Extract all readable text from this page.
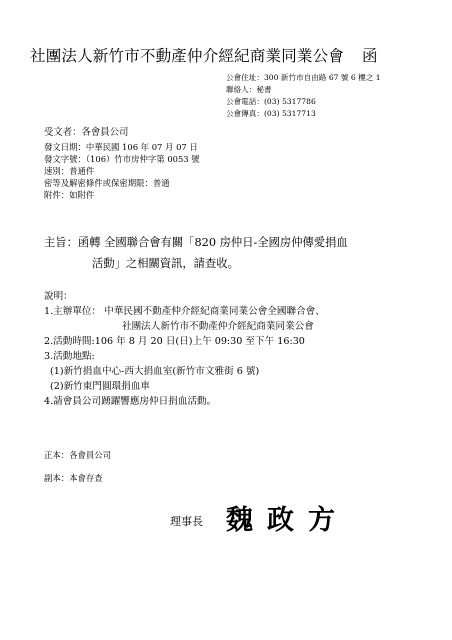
社團法人新竹市不動產仲介經紀商業同業公會 函
公會住址：300 新竹市自由路 67 號 6 樓之 1
聯絡人：秘書
公會電話：(03) 5317786
公會傳真：(03) 5317713
受文者：各會員公司
發文日期：中華民國 106 年 07 月 07 日
發文字號：（106）竹市房仲字第 0053 號
速別：普通件
密等及解密條件或保密期限：普通
附件：如附件
主旨：函轉 全國聯合會有關「820 房仲日-全國房仲傳愛捐血
活動」之相關資訊，請查收。
說明：
1.主辦單位： 中華民國不動產仲介經紀商業同業公會全國聯合會、
社團法人新竹市不動產仲介經紀商業同業公會
2.活動時間:106 年 8 月 20 日(日)上午 09:30 至下午 16:30
3.活動地點:
(1)新竹捐血中心-西大捐血室(新竹市文雅街 6 號)
(2)新竹東門圓環捐血車
4.請會員公司踴躍響應房仲日捐血活動。
正本：各會員公司
副本：本會存查
理事長 魏政方
